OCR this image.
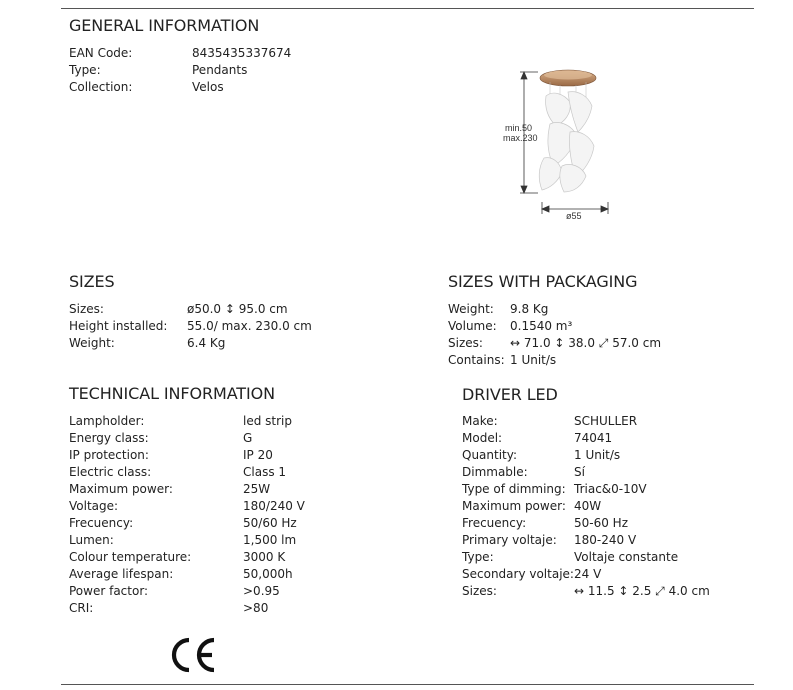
GENERAL INFORMATION
EAN Code:	8435435337674
Type:	Pendants
Collection:	Velos
min.50
max.230
ø55
SIZES
Sizes:	ø50.0 ↕ 95.0 cm
Height installed: 55.0/ max. 230.0 cm
Weight:	6.4 Kg
SIZES WITH PACKAGING
Weight: 9.8 Kg
Volume: 0.1540 m³
Sizes: ↔ 71.0 ↕ 38.0 ⤢ 57.0 cm
Contains: 1 Unit/s
TECHNICAL INFORMATION
Lampholder:	led strip
Energy class:	G
IP protection:	IP 20
Electric class:	Class 1
Maximum power:	25W
Voltage:	180/240 V
Frecuency:	50/60 Hz
Lumen:	1,500 lm
Colour temperature:	3000 K
Average lifespan:	50,000h
Power factor:	>0.95
CRI:	>80
DRIVER LED
Make:	SCHULLER
Model:	74041
Quantity:	1 Unit/s
Dimmable:	Sí
Type of dimming: Triac&0-10V
Maximum power: 40W
Frecuency:	50-60 Hz
Primary voltaje: 180-240 V
Type:	Voltaje constante
Secondary voltaje: 24 V
Sizes:	↔ 11.5 ↕ 2.5 ⤢ 4.0 cm
